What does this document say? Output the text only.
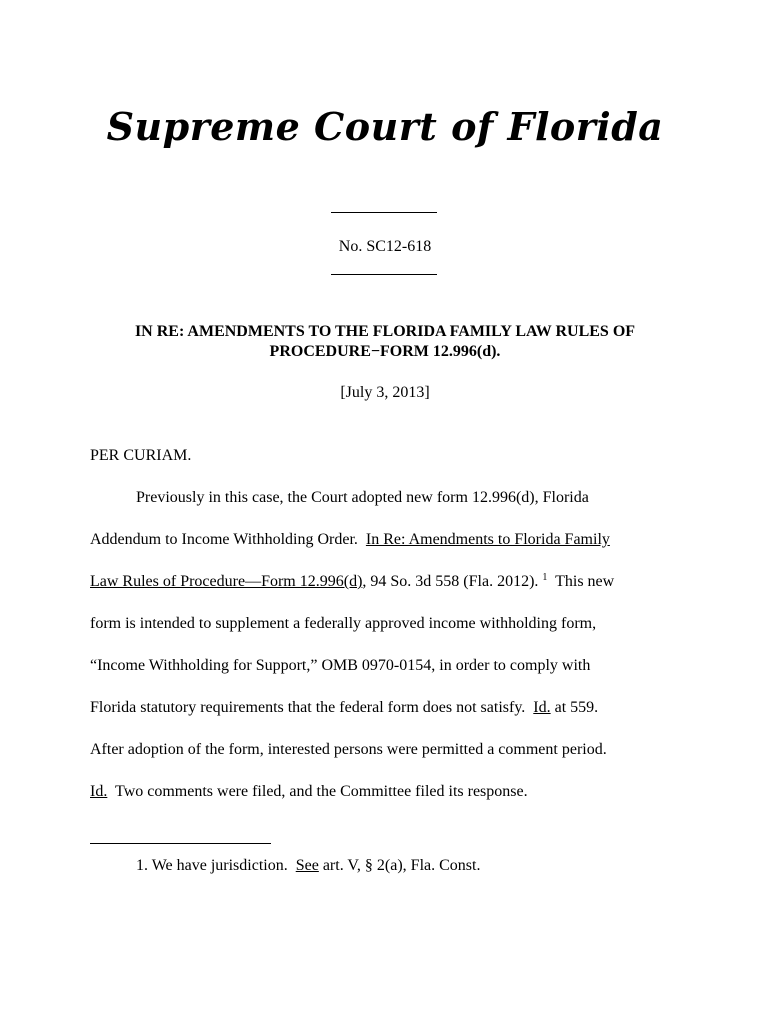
Supreme Court of Florida
No. SC12-618
IN RE: AMENDMENTS TO THE FLORIDA FAMILY LAW RULES OF PROCEDURE−FORM 12.996(d).
[July 3, 2013]
PER CURIAM.
Previously in this case, the Court adopted new form 12.996(d), Florida
Addendum to Income Withholding Order.  In Re: Amendments to Florida Family
Law Rules of Procedure—Form 12.996(d), 94 So. 3d 558 (Fla. 2012). $^1$  This new
form is intended to supplement a federally approved income withholding form,
“Income Withholding for Support,” OMB 0970-0154, in order to comply with
Florida statutory requirements that the federal form does not satisfy.  Id. at 559.
After adoption of the form, interested persons were permitted a comment period.
Id.  Two comments were filed, and the Committee filed its response.
1. We have jurisdiction.  See art. V, § 2(a), Fla. Const.
